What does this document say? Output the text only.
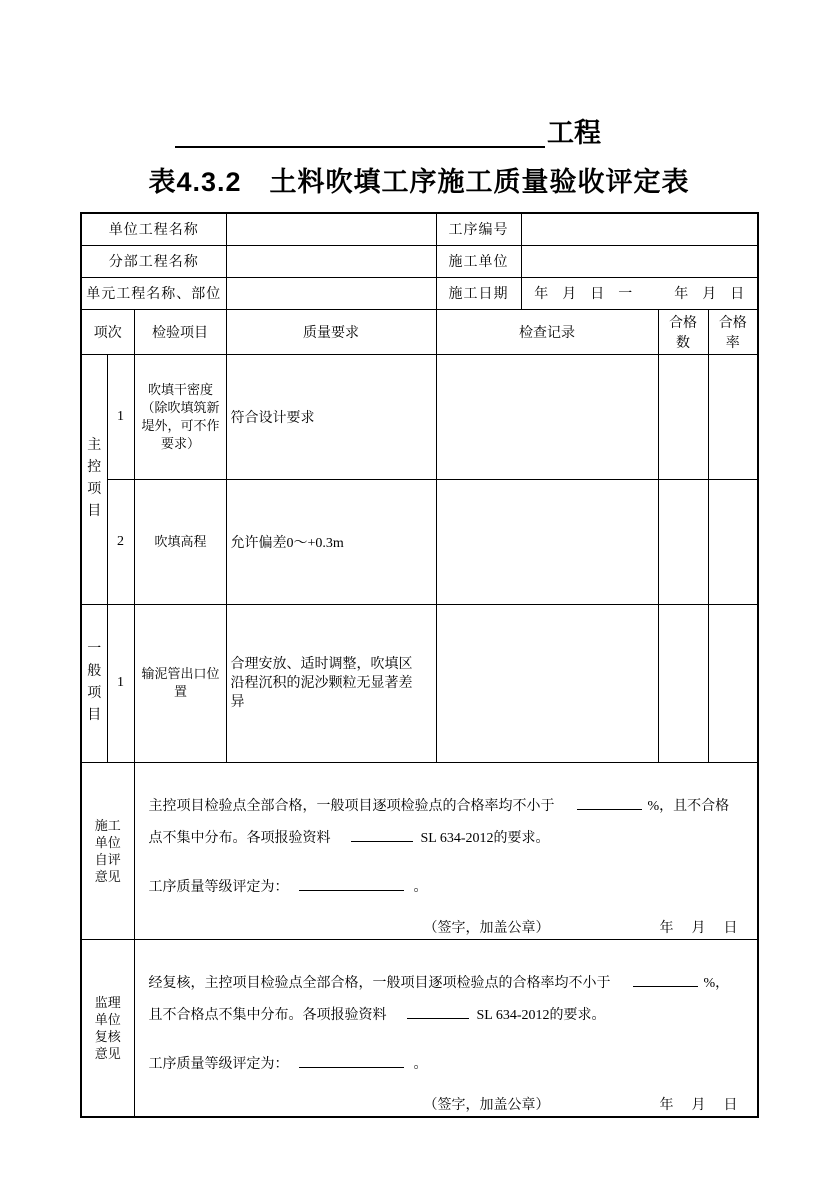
工程
表4.3.2　土料吹填工序施工质量验收评定表
单位工程名称				工序编号			
分部工程名称				施工单位			
单元工程名称、部位				施工日期	年　月　日　一　　　年　月　日		
项次		检验项目	质量要求	检查记录		合格数	合格率

主控项目	1	吹填干密度（除吹填筑新堤外，可不作要求）	符合设计要求				
	2	吹填高程	允许偏差0～+0.3m				

一般项目	1	输泥管出口位置	合理安放、适时调整，吹填区沿程沉积的泥沙颗粒无显著差异				

施工单位自评意见		主控项目检验点全部合格，一般项目逐项检验点的合格率均不小于 %，且不合格
点不集中分布。各项报验资料 SL 634-2012的要求。
工序质量等级评定为： 。
（签字，加盖公章） 年　月　日					

监理单位复核意见		经复核，主控项目检验点全部合格，一般项目逐项检验点的合格率均不小于 %，
且不合格点不集中分布。各项报验资料 SL 634-2012的要求。
工序质量等级评定为： 。
（签字，加盖公章） 年　月　日					
